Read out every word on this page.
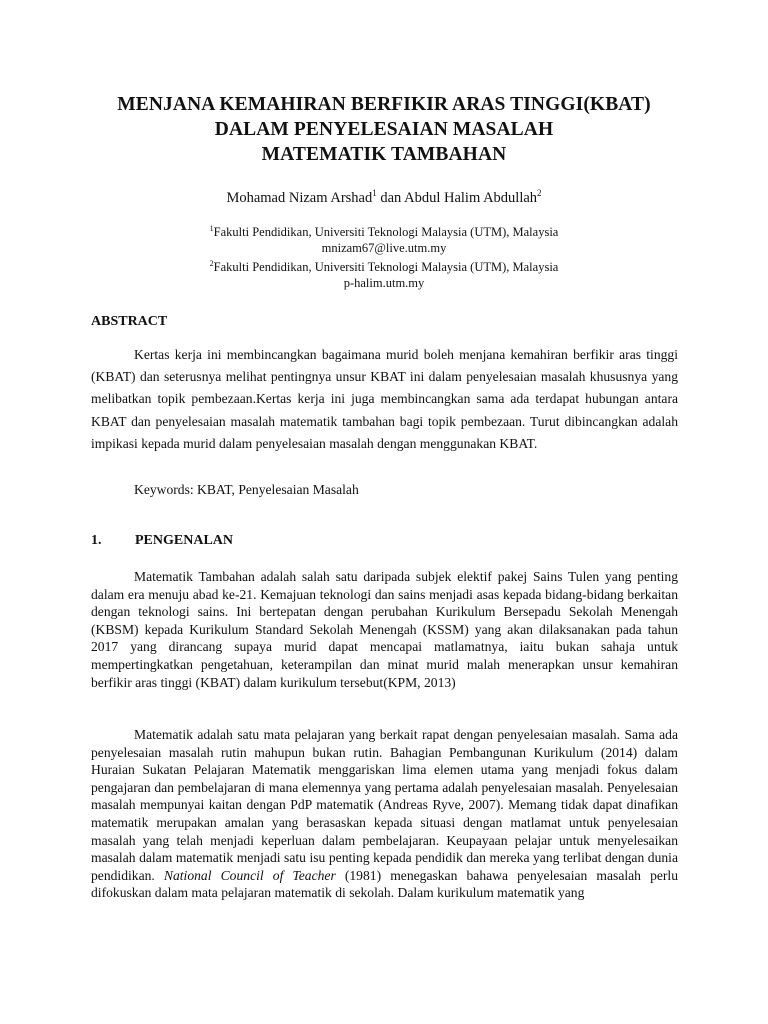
MENJANA KEMAHIRAN BERFIKIR ARAS TINGGI(KBAT)
DALAM PENYELESAIAN MASALAH
MATEMATIK TAMBAHAN
Mohamad Nizam Arshad$^1$ dan Abdul Halim Abdullah$^2$
$^1$Fakulti Pendidikan, Universiti Teknologi Malaysia (UTM), Malaysia
mnizam67@live.utm.my
$^2$Fakulti Pendidikan, Universiti Teknologi Malaysia (UTM), Malaysia
p-halim.utm.my
ABSTRACT
Kertas kerja ini membincangkan bagaimana murid boleh menjana kemahiran berfikir aras tinggi (KBAT) dan seterusnya melihat pentingnya unsur KBAT ini dalam penyelesaian masalah khususnya yang melibatkan topik pembezaan.Kertas kerja ini juga membincangkan sama ada terdapat hubungan antara KBAT dan penyelesaian masalah matematik tambahan bagi topik pembezaan. Turut dibincangkan adalah impikasi kepada murid dalam penyelesaian masalah dengan menggunakan KBAT.
Keywords: KBAT, Penyelesaian Masalah
1. PENGENALAN
Matematik Tambahan adalah salah satu daripada subjek elektif pakej Sains Tulen yang penting dalam era menuju abad ke-21. Kemajuan teknologi dan sains menjadi asas kepada bidang-bidang berkaitan dengan teknologi sains. Ini bertepatan dengan perubahan Kurikulum Bersepadu Sekolah Menengah (KBSM) kepada Kurikulum Standard Sekolah Menengah (KSSM) yang akan dilaksanakan pada tahun 2017 yang dirancang supaya murid dapat mencapai matlamatnya, iaitu bukan sahaja untuk mempertingkatkan pengetahuan, keterampilan dan minat murid malah menerapkan unsur kemahiran berfikir aras tinggi (KBAT) dalam kurikulum tersebut(KPM, 2013)
Matematik adalah satu mata pelajaran yang berkait rapat dengan penyelesaian masalah. Sama ada penyelesaian masalah rutin mahupun bukan rutin. Bahagian Pembangunan Kurikulum (2014) dalam Huraian Sukatan Pelajaran Matematik menggariskan lima elemen utama yang menjadi fokus dalam pengajaran dan pembelajaran di mana elemennya yang pertama adalah penyelesaian masalah. Penyelesaian masalah mempunyai kaitan dengan PdP matematik (Andreas Ryve, 2007). Memang tidak dapat dinafikan matematik merupakan amalan yang berasaskan kepada situasi dengan matlamat untuk penyelesaian masalah yang telah menjadi keperluan dalam pembelajaran. Keupayaan pelajar untuk menyelesaikan masalah dalam matematik menjadi satu isu penting kepada pendidik dan mereka yang terlibat dengan dunia pendidikan. National Council of Teacher (1981) menegaskan bahawa penyelesaian masalah perlu difokuskan dalam mata pelajaran matematik di sekolah. Dalam kurikulum matematik yang
